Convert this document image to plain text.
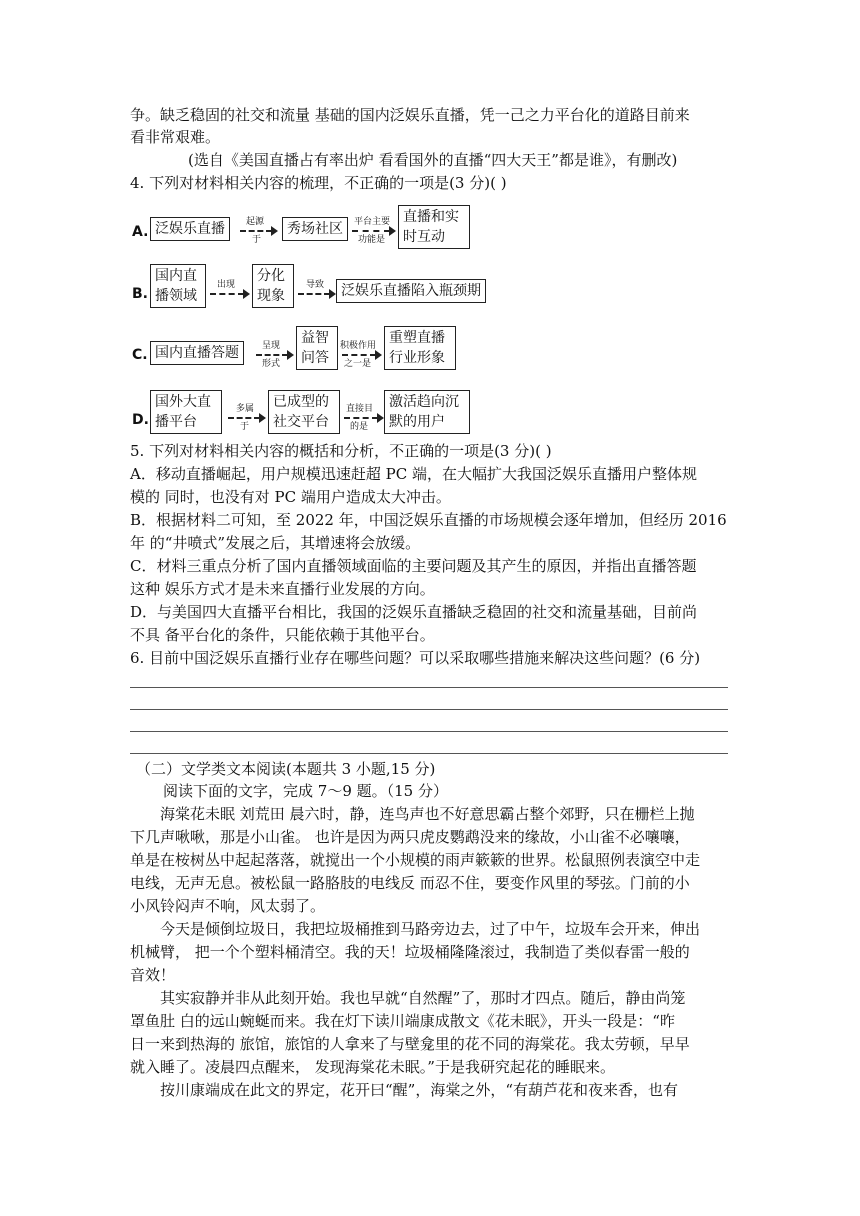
争。缺乏稳固的社交和流量 基础的国内泛娱乐直播，凭一己之力平台化的道路目前来
看非常艰难。
(选自《美国直播占有率出炉 看看国外的直播“四大天王”都是谁》，有删改)
4. 下列对材料相关内容的梳理，不正确的一项是(3 分)( )
A. 泛娱乐直播	起源
于
秀场社区	平台主要
功能是
直播和实
时互动
B.
国内直
播领域
出现
分化
现象
导致	泛娱乐直播陷入瓶颈期
C. 国内直播答题	呈现
形式
益智
问答
积极作用
之一是
重塑直播
行业形象
D.
国外大直
播平台
多属
于
已成型的
社交平台
直接目
的是
激活趋向沉
默的用户
5. 下列对材料相关内容的概括和分析，不正确的一项是(3 分)( )
A．移动直播崛起，用户规模迅速赶超 PC 端，在大幅扩大我国泛娱乐直播用户整体规
模的 同时，也没有对 PC 端用户造成太大冲击。
B．根据材料二可知，至 2022 年，中国泛娱乐直播的市场规模会逐年增加，但经历 2016
年 的“井喷式”发展之后，其增速将会放缓。
C．材料三重点分析了国内直播领域面临的主要问题及其产生的原因，并指出直播答题
这种 娱乐方式才是未来直播行业发展的方向。
D．与美国四大直播平台相比，我国的泛娱乐直播缺乏稳固的社交和流量基础，目前尚
不具 备平台化的条件，只能依赖于其他平台。
6. 目前中国泛娱乐直播行业存在哪些问题？可以采取哪些措施来解决这些问题？(6 分)
（二）文学类文本阅读(本题共 3 小题,15 分)
阅读下面的文字，完成 7～9 题。（15 分）
海棠花未眠 刘荒田 晨六时，静，连鸟声也不好意思霸占整个郊野，只在栅栏上抛
下几声啾啾，那是小山雀。 也许是因为两只虎皮鹦鹉没来的缘故，小山雀不必嚷嚷，
单是在桉树丛中起起落落，就搅出一个小规模的雨声簌簌的世界。松鼠照例表演空中走
电线，无声无息。被松鼠一路胳肢的电线反 而忍不住，要变作风里的琴弦。门前的小
小风铃闷声不响，风太弱了。
今天是倾倒垃圾日，我把垃圾桶推到马路旁边去，过了中午，垃圾车会开来，伸出
机械臂， 把一个个塑料桶清空。我的天！垃圾桶隆隆滚过，我制造了类似春雷一般的
音效！
其实寂静并非从此刻开始。我也早就“自然醒”了，那时才四点。随后，静由尚笼
罩鱼肚 白的远山蜿蜒而来。我在灯下读川端康成散文《花未眠》，开头一段是：“昨
日一来到热海的 旅馆，旅馆的人拿来了与壁龛里的花不同的海棠花。我太劳顿，早早
就入睡了。凌晨四点醒来， 发现海棠花未眠。”于是我研究起花的睡眠来。
按川康端成在此文的界定，花开曰“醒”，海棠之外，“有葫芦花和夜来香，也有
